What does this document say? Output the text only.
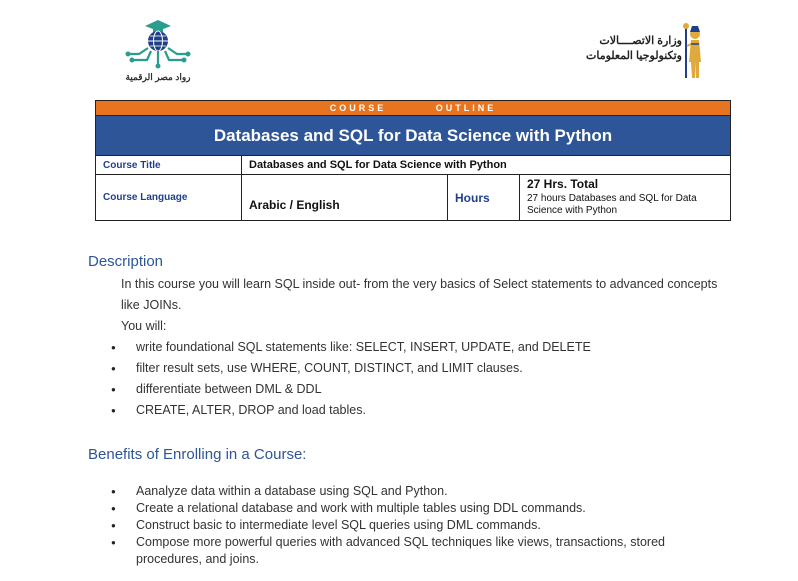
رواد مصر الرقمية
وزارة الاتصــــالات
وتكنولوجيا المعلومات
COURSE	OUTLINE
Databases and SQL for Data Science with Python
Course Title	Databases and SQL for Data Science with Python
Course Language
Arabic / English
Hours
27 Hrs. Total
27 hours Databases and SQL for Data Science with Python
Description
In this course you will learn SQL inside out- from the very basics of Select statements to advanced concepts like JOINs.
You will:
● write foundational SQL statements like: SELECT, INSERT, UPDATE, and DELETE
● filter result sets, use WHERE, COUNT, DISTINCT, and LIMIT clauses.
● differentiate between DML & DDL
● CREATE, ALTER, DROP and load tables.
Benefits of Enrolling in a Course:
● Aanalyze data within a database using SQL and Python.
● Create a relational database and work with multiple tables using DDL commands.
● Construct basic to intermediate level SQL queries using DML commands.
● Compose more powerful queries with advanced SQL techniques like views, transactions, stored procedures, and joins.
